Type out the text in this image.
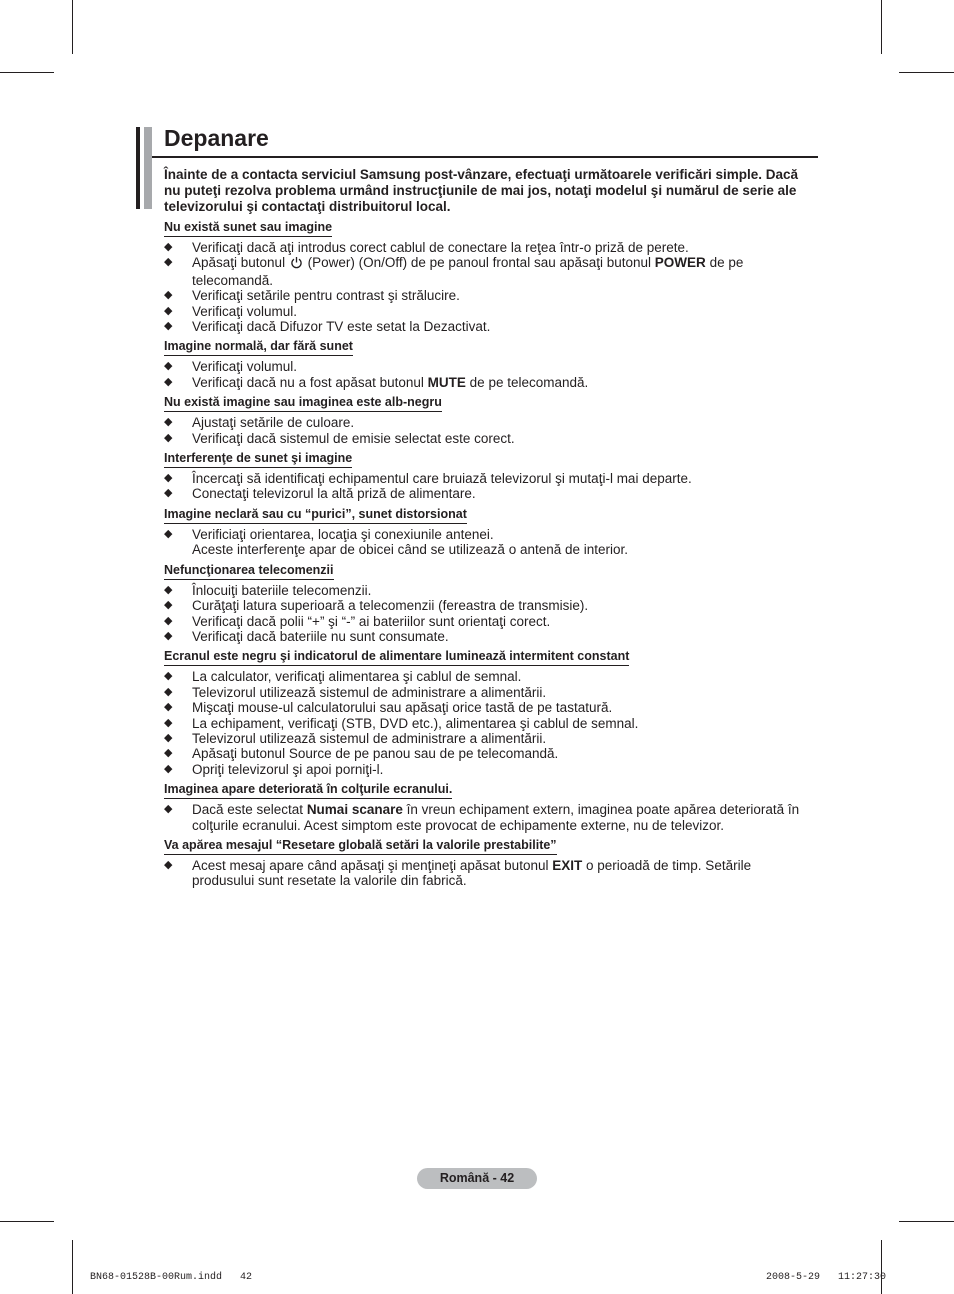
Depanare

Înainte de a contacta serviciul Samsung post-vânzare, efectuaţi următoarele verificări simple. Dacă nu puteţi rezolva problema urmând instrucţiunile de mai jos, notaţi modelul şi numărul de serie ale televizorului şi contactaţi distribuitorul local.

Nu există sunet sau imagine
◆ Verificaţi dacă aţi introdus corect cablul de conectare la reţea într-o priză de perete.
◆ Apăsaţi butonul  (Power) (On/Off) de pe panoul frontal sau apăsaţi butonul POWER de pe telecomandă.
◆ Verificaţi setările pentru contrast şi strălucire.
◆ Verificaţi volumul.
◆ Verificaţi dacă Difuzor TV este setat la Dezactivat.
Imagine normală, dar fără sunet
◆ Verificaţi volumul.
◆ Verificaţi dacă nu a fost apăsat butonul MUTE de pe telecomandă.
Nu există imagine sau imaginea este alb-negru
◆ Ajustaţi setările de culoare.
◆ Verificaţi dacă sistemul de emisie selectat este corect.
Interferenţe de sunet şi imagine
◆ Încercaţi să identificaţi echipamentul care bruiază televizorul şi mutaţi-l mai departe.
◆ Conectaţi televizorul la altă priză de alimentare.
Imagine neclară sau cu “purici”, sunet distorsionat
◆ Verificiaţi orientarea, locaţia şi conexiunile antenei.
Aceste interferenţe apar de obicei când se utilizează o antenă de interior.
Nefuncţionarea telecomenzii
◆ Înlocuiţi bateriile telecomenzii.
◆ Curăţaţi latura superioară a telecomenzii (fereastra de transmisie).
◆ Verificaţi dacă polii “+” şi “-” ai bateriilor sunt orientaţi corect.
◆ Verificaţi dacă bateriile nu sunt consumate.
Ecranul este negru şi indicatorul de alimentare luminează intermitent constant
◆ La calculator, verificaţi alimentarea şi cablul de semnal.
◆ Televizorul utilizează sistemul de administrare a alimentării.
◆ Mişcaţi mouse-ul calculatorului sau apăsaţi orice tastă de pe tastatură.
◆ La echipament, verificaţi (STB, DVD etc.), alimentarea şi cablul de semnal.
◆ Televizorul utilizează sistemul de administrare a alimentării.
◆ Apăsaţi butonul Source de pe panou sau de pe telecomandă.
◆ Opriţi televizorul şi apoi porniţi-l.
Imaginea apare deteriorată în colţurile ecranului.
◆ Dacă este selectat Numai scanare în vreun echipament extern, imaginea poate apărea deteriorată în colţurile ecranului. Acest simptom este provocat de echipamente externe, nu de televizor.
Va apărea mesajul “Resetare globală setări la valorile prestabilite”
◆ Acest mesaj apare când apăsaţi şi menţineţi apăsat butonul EXIT o perioadă de timp. Setările produsului sunt resetate la valorile din fabrică.
Română - 42
BN68-01528B-00Rum.indd   42	2008-5-29   11:27:30
